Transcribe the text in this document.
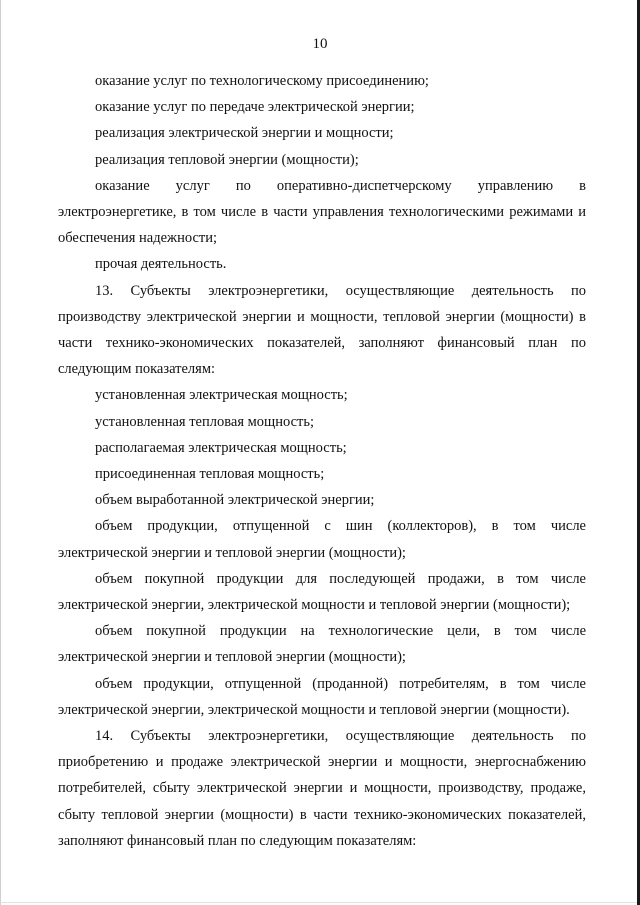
10

оказание услуг по технологическому присоединению;

оказание услуг по передаче электрической энергии;

реализация электрической энергии и мощности;

реализация тепловой энергии (мощности);

оказание услуг по оперативно-диспетчерскому управлению в электроэнергетике, в том числе в части управления технологическими режимами и обеспечения надежности;

прочая деятельность.

13. Субъекты электроэнергетики, осуществляющие деятельность по производству электрической энергии и мощности, тепловой энергии (мощности) в части технико-экономических показателей, заполняют финансовый план по следующим показателям:

установленная электрическая мощность;

установленная тепловая мощность;

располагаемая электрическая мощность;

присоединенная тепловая мощность;

объем выработанной электрической энергии;

объем продукции, отпущенной с шин (коллекторов), в том числе электрической энергии и тепловой энергии (мощности);

объем покупной продукции для последующей продажи, в том числе электрической энергии, электрической мощности и тепловой энергии (мощности);

объем покупной продукции на технологические цели, в том числе электрической энергии и тепловой энергии (мощности);

объем продукции, отпущенной (проданной) потребителям, в том числе электрической энергии, электрической мощности и тепловой энергии (мощности).

14. Субъекты электроэнергетики, осуществляющие деятельность по приобретению и продаже электрической энергии и мощности, энергоснабжению потребителей, сбыту электрической энергии и мощности, производству, продаже, сбыту тепловой энергии (мощности) в части технико-экономических показателей, заполняют финансовый план по следующим показателям:
